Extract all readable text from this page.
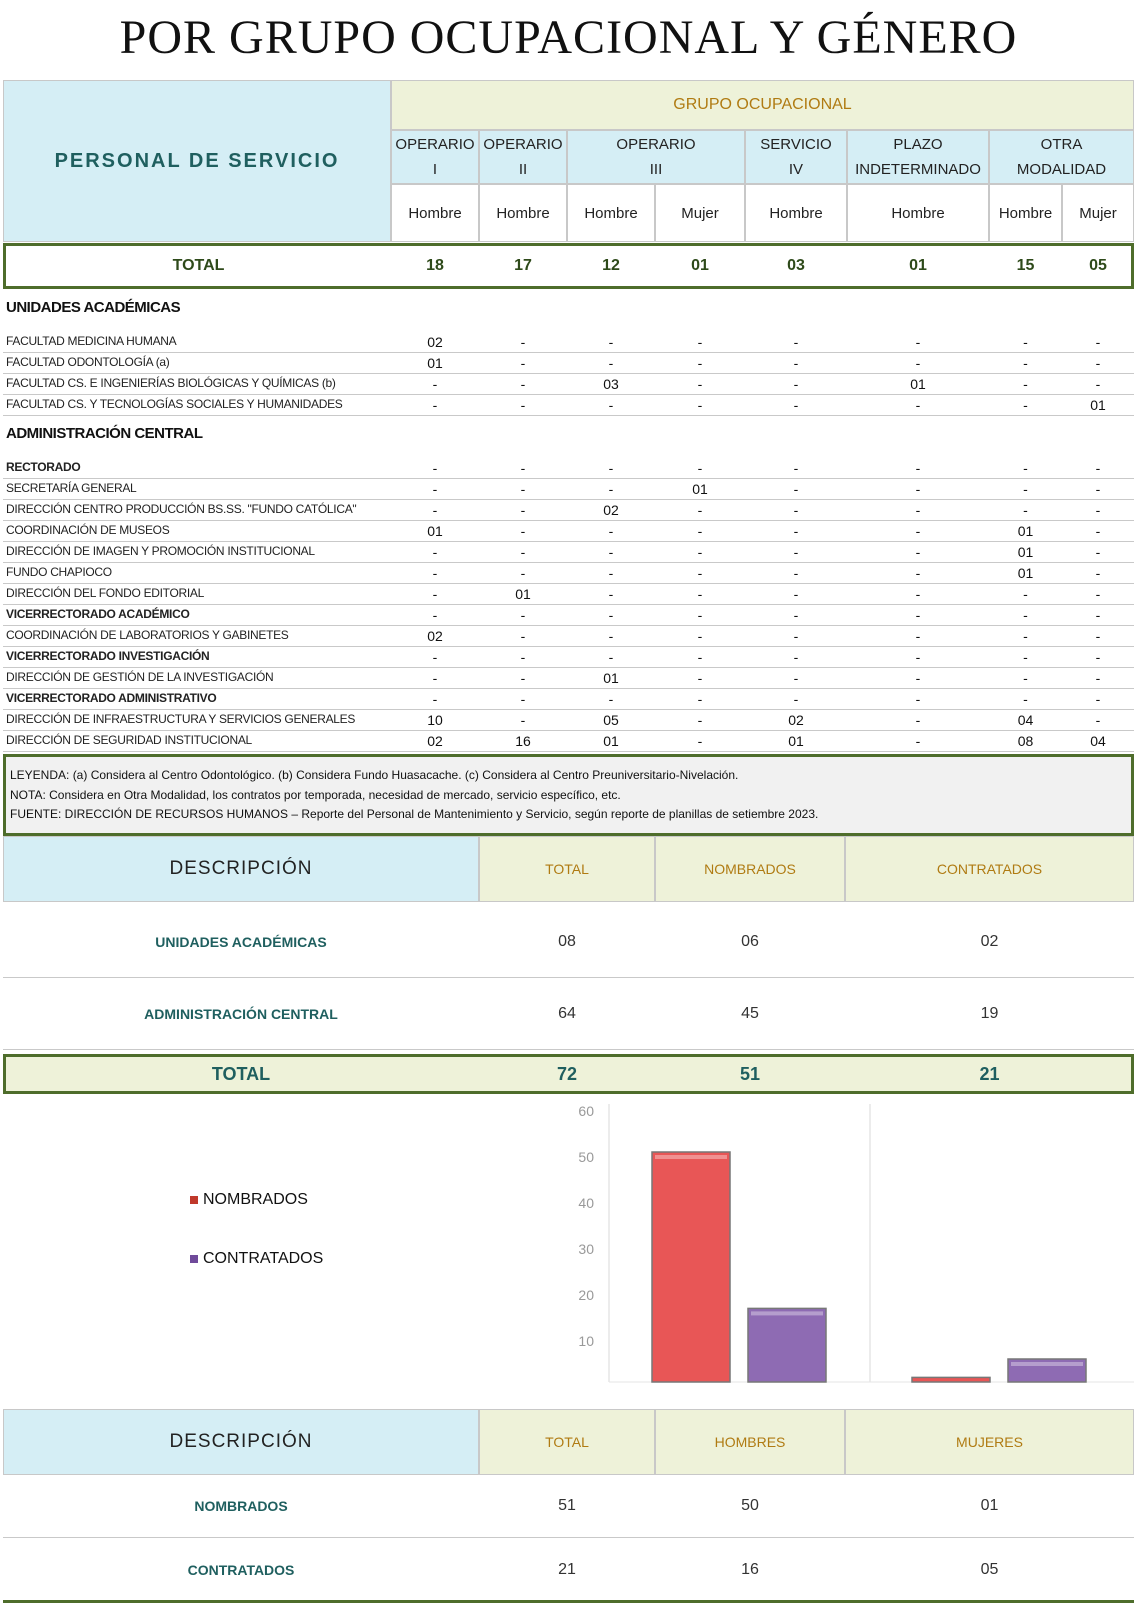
POR GRUPO OCUPACIONAL Y GÉNERO
PERSONAL DE SERVICIO
GRUPO OCUPACIONAL
OPERARIO
I
OPERARIO
II
OPERARIO
III
SERVICIO
IV
PLAZO
INDETERMINADO
OTRA
MODALIDAD
Hombre	Hombre	Hombre	Mujer	Hombre	Hombre	Hombre	Mujer
TOTAL	18	17	12	01	03	01	15	05
UNIDADES ACADÉMICAS
FACULTAD MEDICINA HUMANA	02	-	-	-	-	-	-	-
FACULTAD ODONTOLOGÍA (a)	01	-	-	-	-	-	-	-
FACULTAD CS. E INGENIERÍAS BIOLÓGICAS Y QUÍMICAS (b)	-	-	03	-	-	01	-	-
FACULTAD CS. Y TECNOLOGÍAS SOCIALES Y HUMANIDADES	-	-	-	-	-	-	-	01
ADMINISTRACIÓN CENTRAL
RECTORADO	-	-	-	-	-	-	-	-
SECRETARÍA GENERAL	-	-	-	01	-	-	-	-
DIRECCIÓN CENTRO PRODUCCIÓN BS.SS. "FUNDO CATÓLICA"	-	-	02	-	-	-	-	-
COORDINACIÓN DE MUSEOS	01	-	-	-	-	-	01	-
DIRECCIÓN DE IMAGEN Y PROMOCIÓN INSTITUCIONAL	-	-	-	-	-	-	01	-
FUNDO CHAPIOCO	-	-	-	-	-	-	01	-
DIRECCIÓN DEL FONDO EDITORIAL	-	01	-	-	-	-	-	-
VICERRECTORADO ACADÉMICO	-	-	-	-	-	-	-	-
COORDINACIÓN DE LABORATORIOS Y GABINETES	02	-	-	-	-	-	-	-
VICERRECTORADO INVESTIGACIÓN	-	-	-	-	-	-	-	-
DIRECCIÓN DE GESTIÓN DE LA INVESTIGACIÓN	-	-	01	-	-	-	-	-
VICERRECTORADO ADMINISTRATIVO	-	-	-	-	-	-	-	-
DIRECCIÓN DE INFRAESTRUCTURA Y SERVICIOS GENERALES	10	-	05	-	02	-	04	-
DIRECCIÓN DE SEGURIDAD INSTITUCIONAL	02	16	01	-	01	-	08	04
LEYENDA: (a) Considera al Centro Odontológico. (b) Considera Fundo Huasacache. (c) Considera al Centro Preuniversitario-Nivelación.
NOTA: Considera en Otra Modalidad, los contratos por temporada, necesidad de mercado, servicio específico, etc.
FUENTE: DIRECCIÓN DE RECURSOS HUMANOS – Reporte del Personal de Mantenimiento y Servicio, según reporte de planillas de setiembre 2023.
DESCRIPCIÓN	TOTAL	NOMBRADOS	CONTRATADOS
UNIDADES ACADÉMICAS	08	06	02
ADMINISTRACIÓN CENTRAL	64	45	19
TOTAL	72	51	21
10
20
30
40
50
60
NOMBRADOS
CONTRATADOS
DESCRIPCIÓN	TOTAL	HOMBRES	MUJERES
NOMBRADOS	51	50	01
CONTRATADOS	21	16	05
